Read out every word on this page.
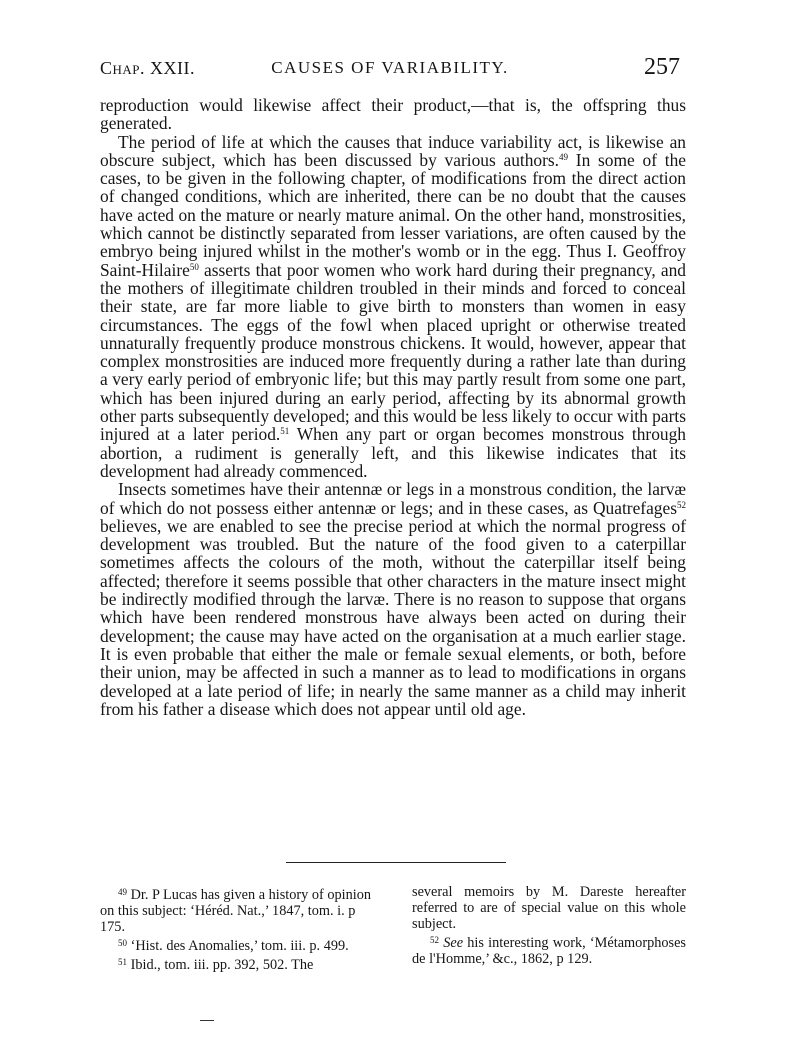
Chap. XXII.	CAUSES OF VARIABILITY.	257

reproduction would likewise affect their product,—that is, the offspring thus generated.

The period of life at which the causes that induce variability act, is likewise an obscure subject, which has been discussed by various authors.$^{49}$ In some of the cases, to be given in the following chapter, of modifications from the direct action of changed conditions, which are inherited, there can be no doubt that the causes have acted on the mature or nearly mature animal. On the other hand, monstrosities, which cannot be distinctly separated from lesser variations, are often caused by the embryo being injured whilst in the mother's womb or in the egg. Thus I. Geoffroy Saint-Hilaire$^{50}$ asserts that poor women who work hard during their pregnancy, and the mothers of illegitimate children troubled in their minds and forced to conceal their state, are far more liable to give birth to monsters than women in easy circumstances. The eggs of the fowl when placed upright or otherwise treated unnaturally frequently produce monstrous chickens. It would, however, appear that complex monstrosities are induced more frequently during a rather late than during a very early period of embryonic life; but this may partly result from some one part, which has been injured during an early period, affecting by its abnormal growth other parts subsequently developed; and this would be less likely to occur with parts injured at a later period.$^{51}$ When any part or organ becomes monstrous through abortion, a rudiment is generally left, and this likewise indicates that its development had already commenced.

Insects sometimes have their antennæ or legs in a monstrous condition, the larvæ of which do not possess either antennæ or legs; and in these cases, as Quatrefages$^{52}$ believes, we are enabled to see the precise period at which the normal progress of development was troubled. But the nature of the food given to a caterpillar sometimes affects the colours of the moth, without the caterpillar itself being affected; therefore it seems possible that other characters in the mature insect might be indirectly modified through the larvæ. There is no reason to suppose that organs which have been rendered monstrous have always been acted on during their development; the cause may have acted on the organisation at a much earlier stage. It is even probable that either the male or female sexual elements, or both, before their union, may be affected in such a manner as to lead to modifications in organs developed at a late period of life; in nearly the same manner as a child may inherit from his father a disease which does not appear until old age.

$^{49}$ Dr. P Lucas has given a history of opinion on this subject: ‘Héréd. Nat.,’ 1847, tom. i. p 175.

$^{50}$ ‘Hist. des Anomalies,’ tom. iii. p. 499.

$^{51}$ Ibid., tom. iii. pp. 392, 502. The

several memoirs by M. Dareste hereafter referred to are of special value on this whole subject.

$^{52}$ See his interesting work, ‘Métamorphoses de l'Homme,’ &c., 1862, p 129.
